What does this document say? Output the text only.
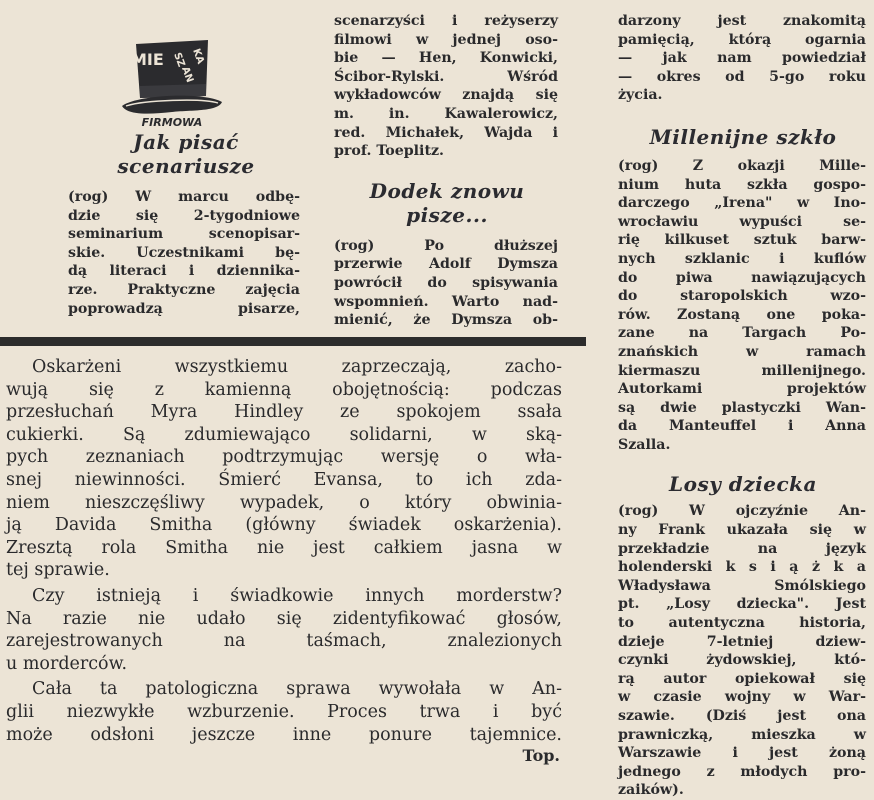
MIE SZ
AN
KA
FIRMOWA
Jak pisać
scenariusze

(rog) W marcu odbę-
dzie się 2-tygodniowe
seminarium scenopisar-
skie. Uczestnikami bę-
dą literaci i dziennika-
rze. Praktyczne zajęcia
poprowadzą pisarze,

scenarzyści i reżyserzy
filmowi w jednej oso-
bie — Hen, Konwicki,
Ścibor-Rylski. Wśród
wykładowców znajdą się
m. in. Kawalerowicz,
red. Michałek, Wajda i
prof. Toeplitz.

Dodek znowu
pisze...

(rog) Po dłuższej
przerwie Adolf Dymsza
powrócił do spisywania
wspomnień. Warto nad-
mienić, że Dymsza ob-

darzony jest znakomitą
pamięcią, którą ogarnia
— jak nam powiedział
— okres od 5-go roku
życia.

Millenijne szkło

(rog) Z okazji Mille-
nium huta szkła gospo-
darczego „Irena" w Ino-
wrocławiu wypuści se-
rię kilkuset sztuk barw-
nych szklanic i kuflów
do piwa nawiązujących
do staropolskich wzo-
rów. Zostaną one poka-
zane na Targach Po-
znańskich w ramach
kiermaszu millenijnego.
Autorkami projektów
są dwie plastyczki Wan-
da Manteuffel i Anna
Szalla.

Losy dziecka

(rog) W ojczyźnie An-
ny Frank ukazała się w
przekładzie na język
holenderski k s i ą ż k a
Władysława Smólskiego
pt. „Losy dziecka". Jest
to autentyczna historia,
dzieje 7-letniej dziew-
czynki żydowskiej, któ-
rą autor opiekował się
w czasie wojny w War-
szawie. (Dziś jest ona
prawniczką, mieszka w
Warszawie i jest żoną
jednego z młodych pro-
zaików).

Oskarżeni wszystkiemu zaprzeczają, zacho-
wują się z kamienną obojętnością: podczas
przesłuchań Myra Hindley ze spokojem ssała
cukierki. Są zdumiewająco solidarni, w ską-
pych zeznaniach podtrzymując wersję o wła-
snej niewinności. Śmierć Evansa, to ich zda-
niem nieszczęśliwy wypadek, o który obwinia-
ją Davida Smitha (główny świadek oskarżenia).
Zresztą rola Smitha nie jest całkiem jasna w
tej sprawie.
Czy istnieją i świadkowie innych morderstw?
Na razie nie udało się zidentyfikować głosów,
zarejestrowanych na taśmach, znalezionych
u morderców.
Cała ta patologiczna sprawa wywołała w An-
glii niezwykłe wzburzenie. Proces trwa i być
może odsłoni jeszcze inne ponure tajemnice.
Top.
